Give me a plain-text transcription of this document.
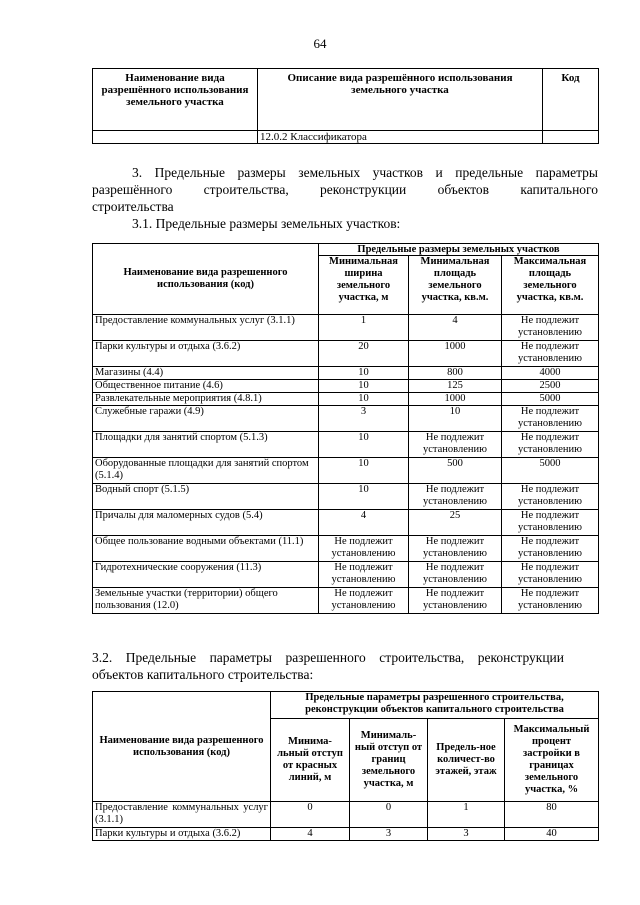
64
Наименование вида разрешённого использования земельного участка	Описание вида разрешённого использования земельного участка	Код
	12.0.2 Классификатора	
3. Предельные размеры земельных участков и предельные параметры
разрешённого строительства, реконструкции объектов капитального
строительства
3.1. Предельные размеры земельных участков:
Наименование вида разрешенного использования (код)	Предельные размеры земельных участков		
	Минимальная ширина земельного участка, м	Минимальная площадь земельного участка, кв.м.	Максимальная площадь земельного участка, кв.м.
Предоставление коммунальных услуг (3.1.1)	1	4	Не подлежит установлению
Парки культуры и отдыха (3.6.2)	20	1000	Не подлежит установлению
Магазины (4.4)	10	800	4000
Общественное питание (4.6)	10	125	2500
Развлекательные мероприятия (4.8.1)	10	1000	5000
Служебные гаражи (4.9)	3	10	Не подлежит установлению
Площадки для занятий спортом (5.1.3)	10	Не подлежит установлению	Не подлежит установлению
Оборудованные площадки для занятий спортом (5.1.4)	10	500	5000
Водный спорт (5.1.5)	10	Не подлежит установлению	Не подлежит установлению
Причалы для маломерных судов (5.4)	4	25	Не подлежит установлению
Общее пользование водными объектами (11.1)	Не подлежит установлению	Не подлежит установлению	Не подлежит установлению
Гидротехнические сооружения (11.3)	Не подлежит установлению	Не подлежит установлению	Не подлежит установлению
Земельные участки (территории) общего пользования (12.0)	Не подлежит установлению	Не подлежит установлению	Не подлежит установлению
3.2. Предельные параметры разрешенного строительства, реконструкции
объектов капитального строительства:
Наименование вида разрешенного использования (код)	Предельные параметры разрешенного строительства, реконструкции объектов капитального строительства			
	Минима-льный отступ от красных линий, м	Минималь-ный отступ от границ земельного участка, м	Предель-ное количест-во этажей, этаж	Максимальный процент застройки в границах земельного участка, %
Предоставление коммунальных услуг (3.1.1)	0	0	1	80
Парки культуры и отдыха (3.6.2)	4	3	3	40
